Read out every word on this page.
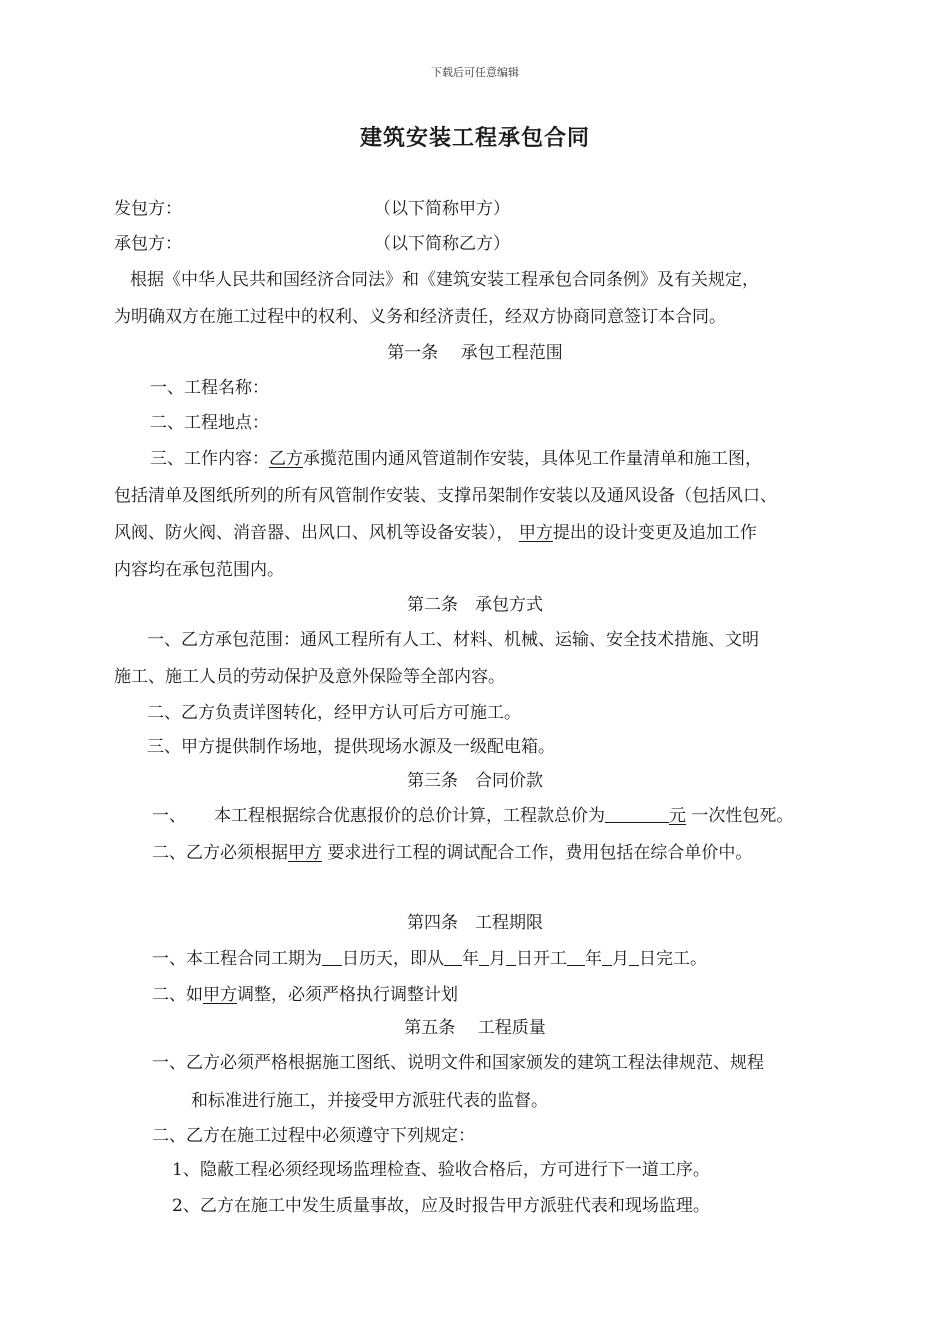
下载后可任意编辑
建筑安装工程承包合同
发包方：	（以下简称甲方）
承包方：	（以下简称乙方）
根据《中华人民共和国经济合同法》和《建筑安装工程承包合同条例》及有关规定，
为明确双方在施工过程中的权利、义务和经济责任，经双方协商同意签订本合同。
第一条　 承包工程范围
一、工程名称：
二、工程地点：
三、工作内容：乙方承揽范围内通风管道制作安装，具体见工作量清单和施工图，
包括清单及图纸所列的所有风管制作安装、支撑吊架制作安装以及通风设备（包括风口、
风阀、防火阀、消音器、出风口、风机等设备安装）， 甲方提出的设计变更及追加工作
内容均在承包范围内。
第二条　承包方式
一、乙方承包范围：通风工程所有人工、材料、机械、运输、安全技术措施、文明
施工、施工人员的劳动保护及意外保险等全部内容。
二、乙方负责详图转化，经甲方认可后方可施工。
三、甲方提供制作场地，提供现场水源及一级配电箱。
第三条　合同价款
一、 本工程根据综合优惠报价的总价计算，工程款总价为	元 一次性包死。
二、乙方必须根据甲方 要求进行工程的调试配合工作，费用包括在综合单价中。
第四条　工程期限
一、本工程合同工期为 日历天，即从 年 月 日开工 年 月 日完工。
二、如甲方调整，必须严格执行调整计划
第五条　 工程质量
一、乙方必须严格根据施工图纸、说明文件和国家颁发的建筑工程法律规范、规程
和标准进行施工，并接受甲方派驻代表的监督。
二、乙方在施工过程中必须遵守下列规定：
1、隐蔽工程必须经现场监理检查、验收合格后，方可进行下一道工序。
2、乙方在施工中发生质量事故，应及时报告甲方派驻代表和现场监理。
